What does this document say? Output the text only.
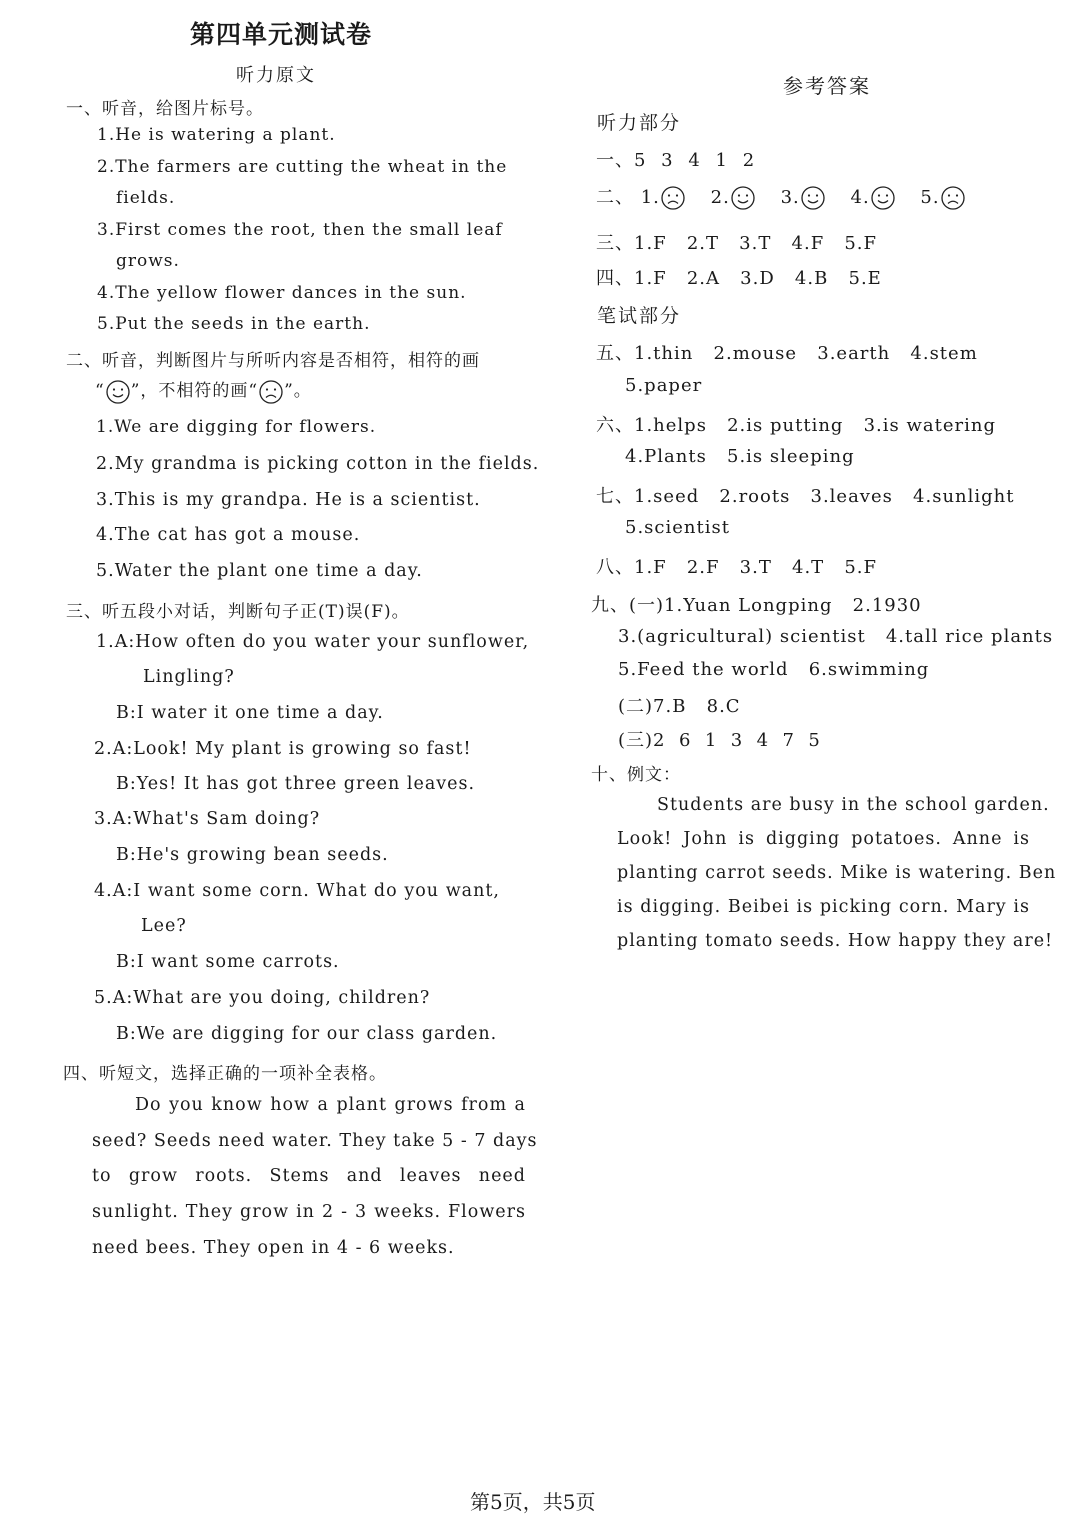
第四单元测试卷
听力原文
一、听音，给图片标号。
1.He is watering a plant.
2.The farmers are cutting the wheat in the
fields.
3.First comes the root, then the small leaf
grows.
4.The yellow flower dances in the sun.
5.Put the seeds in the earth.
二、听音，判断图片与所听内容是否相符，相符的画
“ ”，不相符的画“ ”。
1.We are digging for flowers.
2.My grandma is picking cotton in the fields.
3.This is my grandpa. He is a scientist.
4.The cat has got a mouse.
5.Water the plant one time a day.
三、听五段小对话，判断句子正(T)误(F)。
1.A:How often do you water your sunflower,
Lingling?
B:I water it one time a day.
2.A:Look! My plant is growing so fast!
B:Yes! It has got three green leaves.
3.A:What's Sam doing?
B:He's growing bean seeds.
4.A:I want some corn. What do you want,
Lee?
B:I want some carrots.
5.A:What are you doing, children?
B:We are digging for our class garden.
四、听短文，选择正确的一项补全表格。
Do you know how a plant grows from a
seed? Seeds need water. They take 5 - 7 days
to grow roots. Stems and leaves need
sunlight. They grow in 2 - 3 weeks. Flowers
need bees. They open in 4 - 6 weeks.
参考答案
听力部分
一、5 3 4 1 2
二、 1.	2.	3.	4.	5.
三、1.F   2.T   3.T   4.F   5.F
四、1.F   2.A   3.D   4.B   5.E
笔试部分
五、1.thin   2.mouse   3.earth   4.stem
5.paper
六、1.helps   2.is putting   3.is watering
4.Plants   5.is sleeping
七、1.seed   2.roots   3.leaves   4.sunlight
5.scientist
八、1.F   2.F   3.T   4.T   5.F
九、(一)1.Yuan Longping   2.1930
3.(agricultural) scientist   4.tall rice plants
5.Feed the world   6.swimming
(二)7.B   8.C
(三)2  6  1  3  4  7  5
十、例文：
Students are busy in the school garden.
Look! John is digging potatoes. Anne is
planting carrot seeds. Mike is watering. Ben
is digging. Beibei is picking corn. Mary is
planting tomato seeds. How happy they are!
第5页，共5页
